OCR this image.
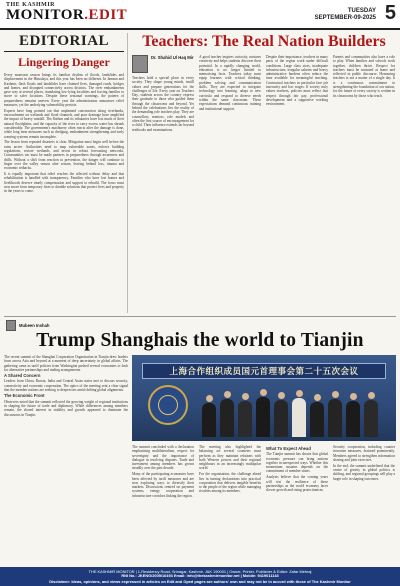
THE KASHMIR
MONITOR.EDIT	TUESDAY
SEPTEMBER-09-2025 5
EDITORIAL
Lingering Danger

Every monsoon season brings its familiar rhythm of floods, landslides and displacement in the Himalaya, and this year has been no different. In Jammu and Kashmir, flash floods and landslides have claimed lives, damaged roads, bridges and homes, and disrupted connectivity across districts. The river embankments gave way at several places, inundating low-lying localities and forcing families to move to safer locations. Despite these seasonal warnings, the pattern of preparedness remains uneven. Every year the administration announces relief measures, yet the underlying vulnerability persists.

Experts have long pointed out that unplanned construction along riverbanks, encroachment on wetlands and flood channels, and poor drainage have amplified the impact of heavy rainfall. The Jhelum and its tributaries have lost much of their natural floodplains, and the capacity of the river to carry excess water has shrunk considerably. The government's machinery often reacts after the damage is done, while long term measures such as dredging, embankment strengthening and early warning systems remain incomplete.

The lesson from repeated disasters is clear. Mitigation must begin well before the rains arrive. Authorities need to map vulnerable zones, enforce building regulations, restore wetlands, and invest in robust forecasting networks. Communities too must be made partners in preparedness through awareness and drills. Without a shift from reaction to prevention, the danger will continue to linger over the valley season after season, leaving behind loss, trauma and economic setbacks.

It is equally important that relief reaches the affected without delay and that rehabilitation is handled with transparency. Families who have lost homes and livelihoods deserve timely compensation and support to rebuild. The focus must now move from temporary fixes to durable solutions that protect lives and property in the years to come.

Teachers: The Real Nation Builders
Dr. Shahid Ul Haq Mir
Teachers hold a special place in every society. They shape young minds, instill values and prepare generations for the challenges of life. Every year on Teachers Day, students across the country express their gratitude to those who guided them through the classrooms and beyond. Yet behind the celebrations lies the reality of the demanding role teachers play. They are counsellors, mentors, role models and often the first source of encouragement for a child. Their influence extends far beyond textbooks and examinations.
A good teacher inspires curiosity, nurtures creativity and helps students discover their potential. In a rapidly changing world, education is no longer limited to memorising facts. Teachers today must equip learners with critical thinking, problem solving and communication skills. They are expected to integrate technology into learning, adapt to new curricula and respond to diverse needs within the same classroom. These expectations demand continuous training and institutional support.
Despite their importance, teachers in many parts of the region work under difficult conditions. Large class sizes, inadequate infrastructure, irregular salaries and heavy administrative burdens often reduce the time available for meaningful teaching. Contractual teachers in particular face job insecurity and low wages. If society truly values teachers, policies must reflect that respect through fair pay, professional development and a supportive working environment.
Parents and communities also have a role to play. When families and schools work together, children thrive. Respect for teachers must be nurtured at home and reflected in public discourse. Honouring teachers is not a matter of a single day. It is a continuous commitment to strengthening the foundation of our nation, for the future of every society is written in its classrooms by those who teach.
Mubeen Inshah
Trump Shanghais the world to Tianjin

The recent summit of the Shanghai Cooperation Organisation in Tianjin drew leaders from across Asia and beyond at a moment of deep uncertainty in global affairs. The gathering came as tariff policies from Washington pushed several economies to look for alternative partnerships and trading arrangements.

A Shared Concern

Leaders from China, Russia, India and Central Asian states met to discuss security, connectivity and economic cooperation. The optics of the meeting sent a clear signal that the member nations are seeking to deepen ties amid shifting global alignments.

The Economic Front

Observers noted that the summit reflected the growing weight of regional institutions in shaping the future of trade and diplomacy. While differences among members remain, the shared interest in stability and growth appeared to dominate the discussions in Tianjin.

上海合作组织成员国元首理事会第二十五次会议

The summit concluded with a declaration emphasising multilateralism, respect for sovereignty and the importance of dialogue in resolving disputes. Trade and investment among members has grown steadily over the past decade.

Many of the participating economies have been affected by tariff measures and are now exploring ways to diversify their markets. Discussions centred on payment systems, energy cooperation and infrastructure corridors linking the region.

The meeting also highlighted the balancing act several countries must perform as they maintain relations with both Western powers and their regional neighbours in an increasingly multipolar world.

For the organisation, the challenge ahead lies in turning declarations into practical cooperation that delivers tangible benefits to the people of the region while managing rivalries among its members.

What To Expect Ahead

The Tianjin summit has shown that global economic pressure can bring nations together in unexpected ways. Whether this momentum sustains depends on the commitment of member states.

Analysts believe that the coming years will test the resilience of these partnerships as the world economy faces slower growth and rising protectionism.

Security cooperation, including counter terrorism measures, featured prominently. Members agreed to strengthen information sharing and joint exercises.

In the end, the summit underlined that the centre of gravity in global politics is shifting, and regional groupings will play a larger role in shaping outcomes.

THE KASHMIR MONITOR | 1-Residency Road, Srinagar, Kashmir. J&K 190001 | Owner, Printer, Publisher & Editor: Zafar Mehraj
RNI No.: JKENG/2005/16493 Email: info@thekashmirmonitor.net | Mobile: 9419011143
Disclaimer: Ideas, opinions, and views expressed in articles on Edit and Oped pages are authors' own and may not be in accord with those of The Kashmir Monitor
